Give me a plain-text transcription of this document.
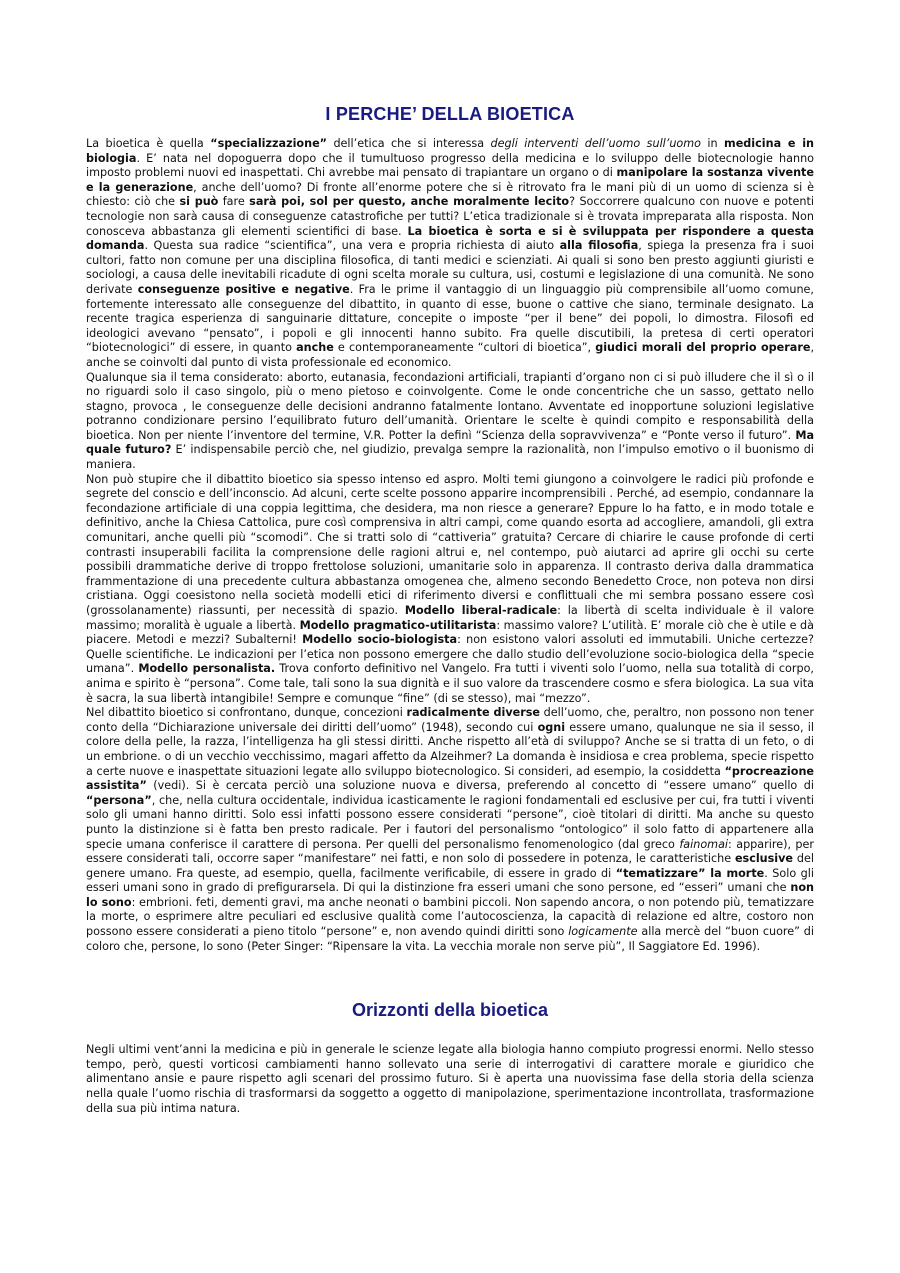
I PERCHE’ DELLA BIOETICA

La bioetica è quella “specializzazione” dell’etica che si interessa degli interventi dell’uomo sull’uomo in medicina e in biologia. E’ nata nel dopoguerra dopo che il tumultuoso progresso della medicina e lo sviluppo delle biotecnologie hanno imposto problemi nuovi ed inaspettati. Chi avrebbe mai pensato di trapiantare un organo o di manipolare la sostanza vivente e la generazione, anche dell’uomo? Di fronte all’enorme potere che si è ritrovato fra le mani più di un uomo di scienza si è chiesto: ciò che si può fare sarà poi, sol per questo, anche moralmente lecito? Soccorrere qualcuno con nuove e potenti tecnologie non sarà causa di conseguenze catastrofiche per tutti? L’etica tradizionale si è trovata impreparata alla risposta. Non conosceva abbastanza gli elementi scientifici di base. La bioetica è sorta e si è sviluppata per rispondere a questa domanda. Questa sua radice “scientifica”, una vera e propria richiesta di aiuto alla filosofia, spiega la presenza fra i suoi cultori, fatto non comune per una disciplina filosofica, di tanti medici e scienziati. Ai quali si sono ben presto aggiunti giuristi e sociologi, a causa delle inevitabili ricadute di ogni scelta morale su cultura, usi, costumi e legislazione di una comunità. Ne sono derivate conseguenze positive e negative. Fra le prime il vantaggio di un linguaggio più comprensibile all’uomo comune, fortemente interessato alle conseguenze del dibattito, in quanto di esse, buone o cattive che siano, terminale designato. La recente tragica esperienza di sanguinarie dittature, concepite o imposte “per il bene” dei popoli, lo dimostra. Filosofi ed ideologici avevano “pensato”, i popoli e gli innocenti hanno subito. Fra quelle discutibili, la pretesa di certi operatori “biotecnologici” di essere, in quanto anche e contemporaneamente “cultori di bioetica”, giudici morali del proprio operare, anche se coinvolti dal punto di vista professionale ed economico.

Qualunque sia il tema considerato: aborto, eutanasia, fecondazioni artificiali, trapianti d’organo non ci si può illudere che il sì o il no riguardi solo il caso singolo, più o meno pietoso e coinvolgente. Come le onde concentriche che un sasso, gettato nello stagno, provoca , le conseguenze delle decisioni andranno fatalmente lontano. Avventate ed inopportune soluzioni legislative potranno condizionare persino l’equilibrato futuro dell’umanità. Orientare le scelte è quindi compito e responsabilità della bioetica. Non per niente l’inventore del termine, V.R. Potter la definì “Scienza della sopravvivenza” e “Ponte verso il futuro”. Ma quale futuro? E’ indispensabile perciò che, nel giudizio, prevalga sempre la razionalità, non l’impulso emotivo o il buonismo di maniera.

Non può stupire che il dibattito bioetico sia spesso intenso ed aspro. Molti temi giungono a coinvolgere le radici più profonde e segrete del conscio e dell’inconscio. Ad alcuni, certe scelte possono apparire incomprensibili . Perché, ad esempio, condannare la fecondazione artificiale di una coppia legittima, che desidera, ma non riesce a generare? Eppure lo ha fatto, e in modo totale e definitivo, anche la Chiesa Cattolica, pure così comprensiva in altri campi, come quando esorta ad accogliere, amandoli, gli extra comunitari, anche quelli più “scomodi”. Che si tratti solo di “cattiveria” gratuita? Cercare di chiarire le cause profonde di certi contrasti insuperabili facilita la comprensione delle ragioni altrui e, nel contempo, può aiutarci ad aprire gli occhi su certe possibili drammatiche derive di troppo frettolose soluzioni, umanitarie solo in apparenza. Il contrasto deriva dalla drammatica frammentazione di una precedente cultura abbastanza omogenea che, almeno secondo Benedetto Croce, non poteva non dirsi cristiana. Oggi coesistono nella società modelli etici di riferimento diversi e conflittuali che mi sembra possano essere così (grossolanamente) riassunti, per necessità di spazio. Modello liberal-radicale: la libertà di scelta individuale è il valore massimo; moralità è uguale a libertà. Modello pragmatico-utilitarista: massimo valore? L’utilità. E’ morale ciò che è utile e dà piacere. Metodi e mezzi? Subalterni! Modello socio-biologista: non esistono valori assoluti ed immutabili. Uniche certezze? Quelle scientifiche. Le indicazioni per l’etica non possono emergere che dallo studio dell’evoluzione socio-biologica della “specie umana”. Modello personalista. Trova conforto definitivo nel Vangelo. Fra tutti i viventi solo l’uomo, nella sua totalità di corpo, anima e spirito è “persona”. Come tale, tali sono la sua dignità e il suo valore da trascendere cosmo e sfera biologica. La sua vita è sacra, la sua libertà intangibile! Sempre e comunque “fine” (di se stesso), mai “mezzo”.

Nel dibattito bioetico si confrontano, dunque, concezioni radicalmente diverse dell’uomo, che, peraltro, non possono non tener conto della “Dichiarazione universale dei diritti dell’uomo” (1948), secondo cui ogni essere umano, qualunque ne sia il sesso, il colore della pelle, la razza, l’intelligenza ha gli stessi diritti. Anche rispetto all’età di sviluppo? Anche se si tratta di un feto, o di un embrione. o di un vecchio vecchissimo, magari affetto da Alzeihmer? La domanda è insidiosa e crea problema, specie rispetto a certe nuove e inaspettate situazioni legate allo sviluppo biotecnologico. Si consideri, ad esempio, la cosiddetta “procreazione assistita” (vedi). Si è cercata perciò una soluzione nuova e diversa, preferendo al concetto di “essere umano” quello di “persona”, che, nella cultura occidentale, individua icasticamente le ragioni fondamentali ed esclusive per cui, fra tutti i viventi solo gli umani hanno diritti. Solo essi infatti possono essere considerati “persone”, cioè titolari di diritti. Ma anche su questo punto la distinzione si è fatta ben presto radicale. Per i fautori del personalismo “ontologico” il solo fatto di appartenere alla specie umana conferisce il carattere di persona. Per quelli del personalismo fenomenologico (dal greco fainomai: apparire), per essere considerati tali, occorre saper “manifestare” nei fatti, e non solo di possedere in potenza, le caratteristiche esclusive del genere umano. Fra queste, ad esempio, quella, facilmente verificabile, di essere in grado di “tematizzare” la morte. Solo gli esseri umani sono in grado di prefigurarsela. Di qui la distinzione fra esseri umani che sono persone, ed “esseri” umani che non lo sono: embrioni. feti, dementi gravi, ma anche neonati o bambini piccoli. Non sapendo ancora, o non potendo più, tematizzare la morte, o esprimere altre peculiari ed esclusive qualità come l’autocoscienza, la capacità di relazione ed altre, costoro non possono essere considerati a pieno titolo “persone” e, non avendo quindi diritti sono logicamente alla mercè del “buon cuore” di coloro che, persone, lo sono (Peter Singer: “Ripensare la vita. La vecchia morale non serve più”, Il Saggiatore Ed. 1996).

Orizzonti della bioetica

Negli ultimi vent’anni la medicina e più in generale le scienze legate alla biologia hanno compiuto progressi enormi. Nello stesso tempo, però, questi vorticosi cambiamenti hanno sollevato una serie di interrogativi di carattere morale e giuridico che alimentano ansie e paure rispetto agli scenari del prossimo futuro. Si è aperta una nuovissima fase della storia della scienza nella quale l’uomo rischia di trasformarsi da soggetto a oggetto di manipolazione, sperimentazione incontrollata, trasformazione della sua più intima natura.
